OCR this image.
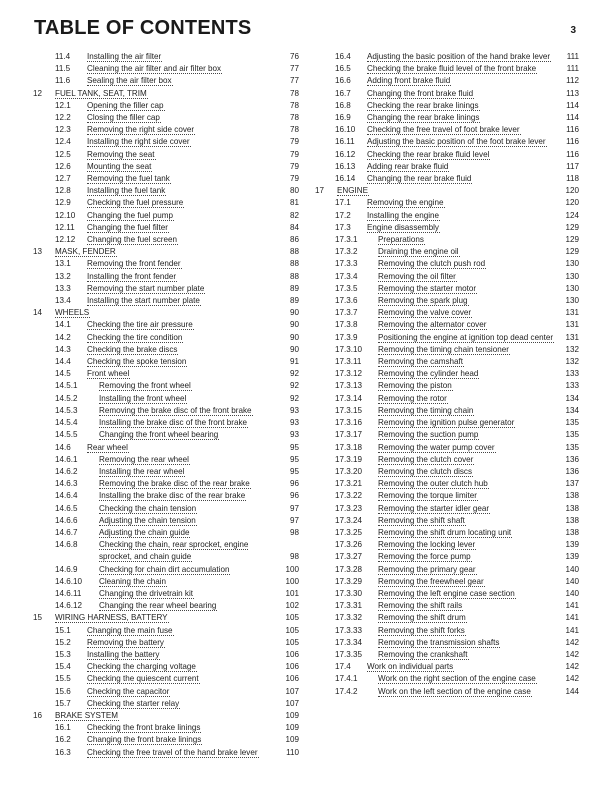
TABLE OF CONTENTS	3
11.4 Installing the air filter	76
11.5 Cleaning the air filter and air filter box	77
11.6 Sealing the air filter box	77
12 FUEL TANK, SEAT, TRIM	78
12.1 Opening the filler cap	78
12.2 Closing the filler cap	78
12.3 Removing the right side cover	78
12.4 Installing the right side cover	79
12.5 Removing the seat	79
12.6 Mounting the seat	79
12.7 Removing the fuel tank	79
12.8 Installing the fuel tank	80
12.9 Checking the fuel pressure	81
12.10 Changing the fuel pump	82
12.11 Changing the fuel filter	84
12.12 Changing the fuel screen	86
13 MASK, FENDER	88
13.1 Removing the front fender	88
13.2 Installing the front fender	88
13.3 Removing the start number plate	89
13.4 Installing the start number plate	89
14 WHEELS	90
14.1 Checking the tire air pressure	90
14.2 Checking the tire condition	90
14.3 Checking the brake discs	90
14.4 Checking the spoke tension	91
14.5 Front wheel	92
14.5.1	Removing the front wheel	92
14.5.2	Installing the front wheel	92
14.5.3	Removing the brake disc of the front brake	93
14.5.4	Installing the brake disc of the front brake	93
14.5.5	Changing the front wheel bearing	93
14.6 Rear wheel	95
14.6.1	Removing the rear wheel	95
14.6.2	Installing the rear wheel	95
14.6.3	Removing the brake disc of the rear brake	96
14.6.4	Installing the brake disc of the rear brake	96
14.6.5	Checking the chain tension	97
14.6.6	Adjusting the chain tension	97
14.6.7	Adjusting the chain guide	98
14.6.8	Checking the chain, rear sprocket, engine sprocket, and chain guide	98
14.6.9	Checking for chain dirt accumulation	100
14.6.10 Cleaning the chain	100
14.6.11 Changing the drivetrain kit	101
14.6.12 Changing the rear wheel bearing	102
15 WIRING HARNESS, BATTERY	105
15.1 Changing the main fuse	105
15.2 Removing the battery	105
15.3 Installing the battery	106
15.4 Checking the charging voltage	106
15.5 Checking the quiescent current	106
15.6 Checking the capacitor	107
15.7 Checking the starter relay	107
16 BRAKE SYSTEM	109
16.1 Checking the front brake linings	109
16.2 Changing the front brake linings	109
16.3 Checking the free travel of the hand brake lever	110
16.4 Adjusting the basic position of the hand brake lever	111
16.5 Checking the brake fluid level of the front brake	111
16.6 Adding front brake fluid	112
16.7 Changing the front brake fluid	113
16.8 Checking the rear brake linings	114
16.9 Changing the rear brake linings	114
16.10 Checking the free travel of foot brake lever	116
16.11 Adjusting the basic position of the foot brake lever	116
16.12 Checking the rear brake fluid level	116
16.13 Adding rear brake fluid	117
16.14 Changing the rear brake fluid	118
17 ENGINE	120
17.1 Removing the engine	120
17.2 Installing the engine	124
17.3 Engine disassembly	129
17.3.1	Preparations	129
17.3.2	Draining the engine oil	129
17.3.3	Removing the clutch push rod	130
17.3.4	Removing the oil filter	130
17.3.5	Removing the starter motor	130
17.3.6	Removing the spark plug	130
17.3.7	Removing the valve cover	131
17.3.8	Removing the alternator cover	131
17.3.9	Positioning the engine at ignition top dead center	131
17.3.10 Removing the timing chain tensioner	132
17.3.11 Removing the camshaft	132
17.3.12 Removing the cylinder head	133
17.3.13 Removing the piston	133
17.3.14 Removing the rotor	134
17.3.15 Removing the timing chain	134
17.3.16 Removing the ignition pulse generator	135
17.3.17 Removing the suction pump	135
17.3.18 Removing the water pump cover	135
17.3.19 Removing the clutch cover	136
17.3.20 Removing the clutch discs	136
17.3.21 Removing the outer clutch hub	137
17.3.22 Removing the torque limiter	138
17.3.23 Removing the starter idler gear	138
17.3.24 Removing the shift shaft	138
17.3.25 Removing the shift drum locating unit	138
17.3.26 Removing the locking lever	139
17.3.27 Removing the force pump	139
17.3.28 Removing the primary gear	140
17.3.29 Removing the freewheel gear	140
17.3.30 Removing the left engine case section	140
17.3.31 Removing the shift rails	141
17.3.32 Removing the shift drum	141
17.3.33 Removing the shift forks	141
17.3.34 Removing the transmission shafts	142
17.3.35 Removing the crankshaft	142
17.4 Work on individual parts	142
17.4.1	Work on the right section of the engine case	142
17.4.2	Work on the left section of the engine case	144
